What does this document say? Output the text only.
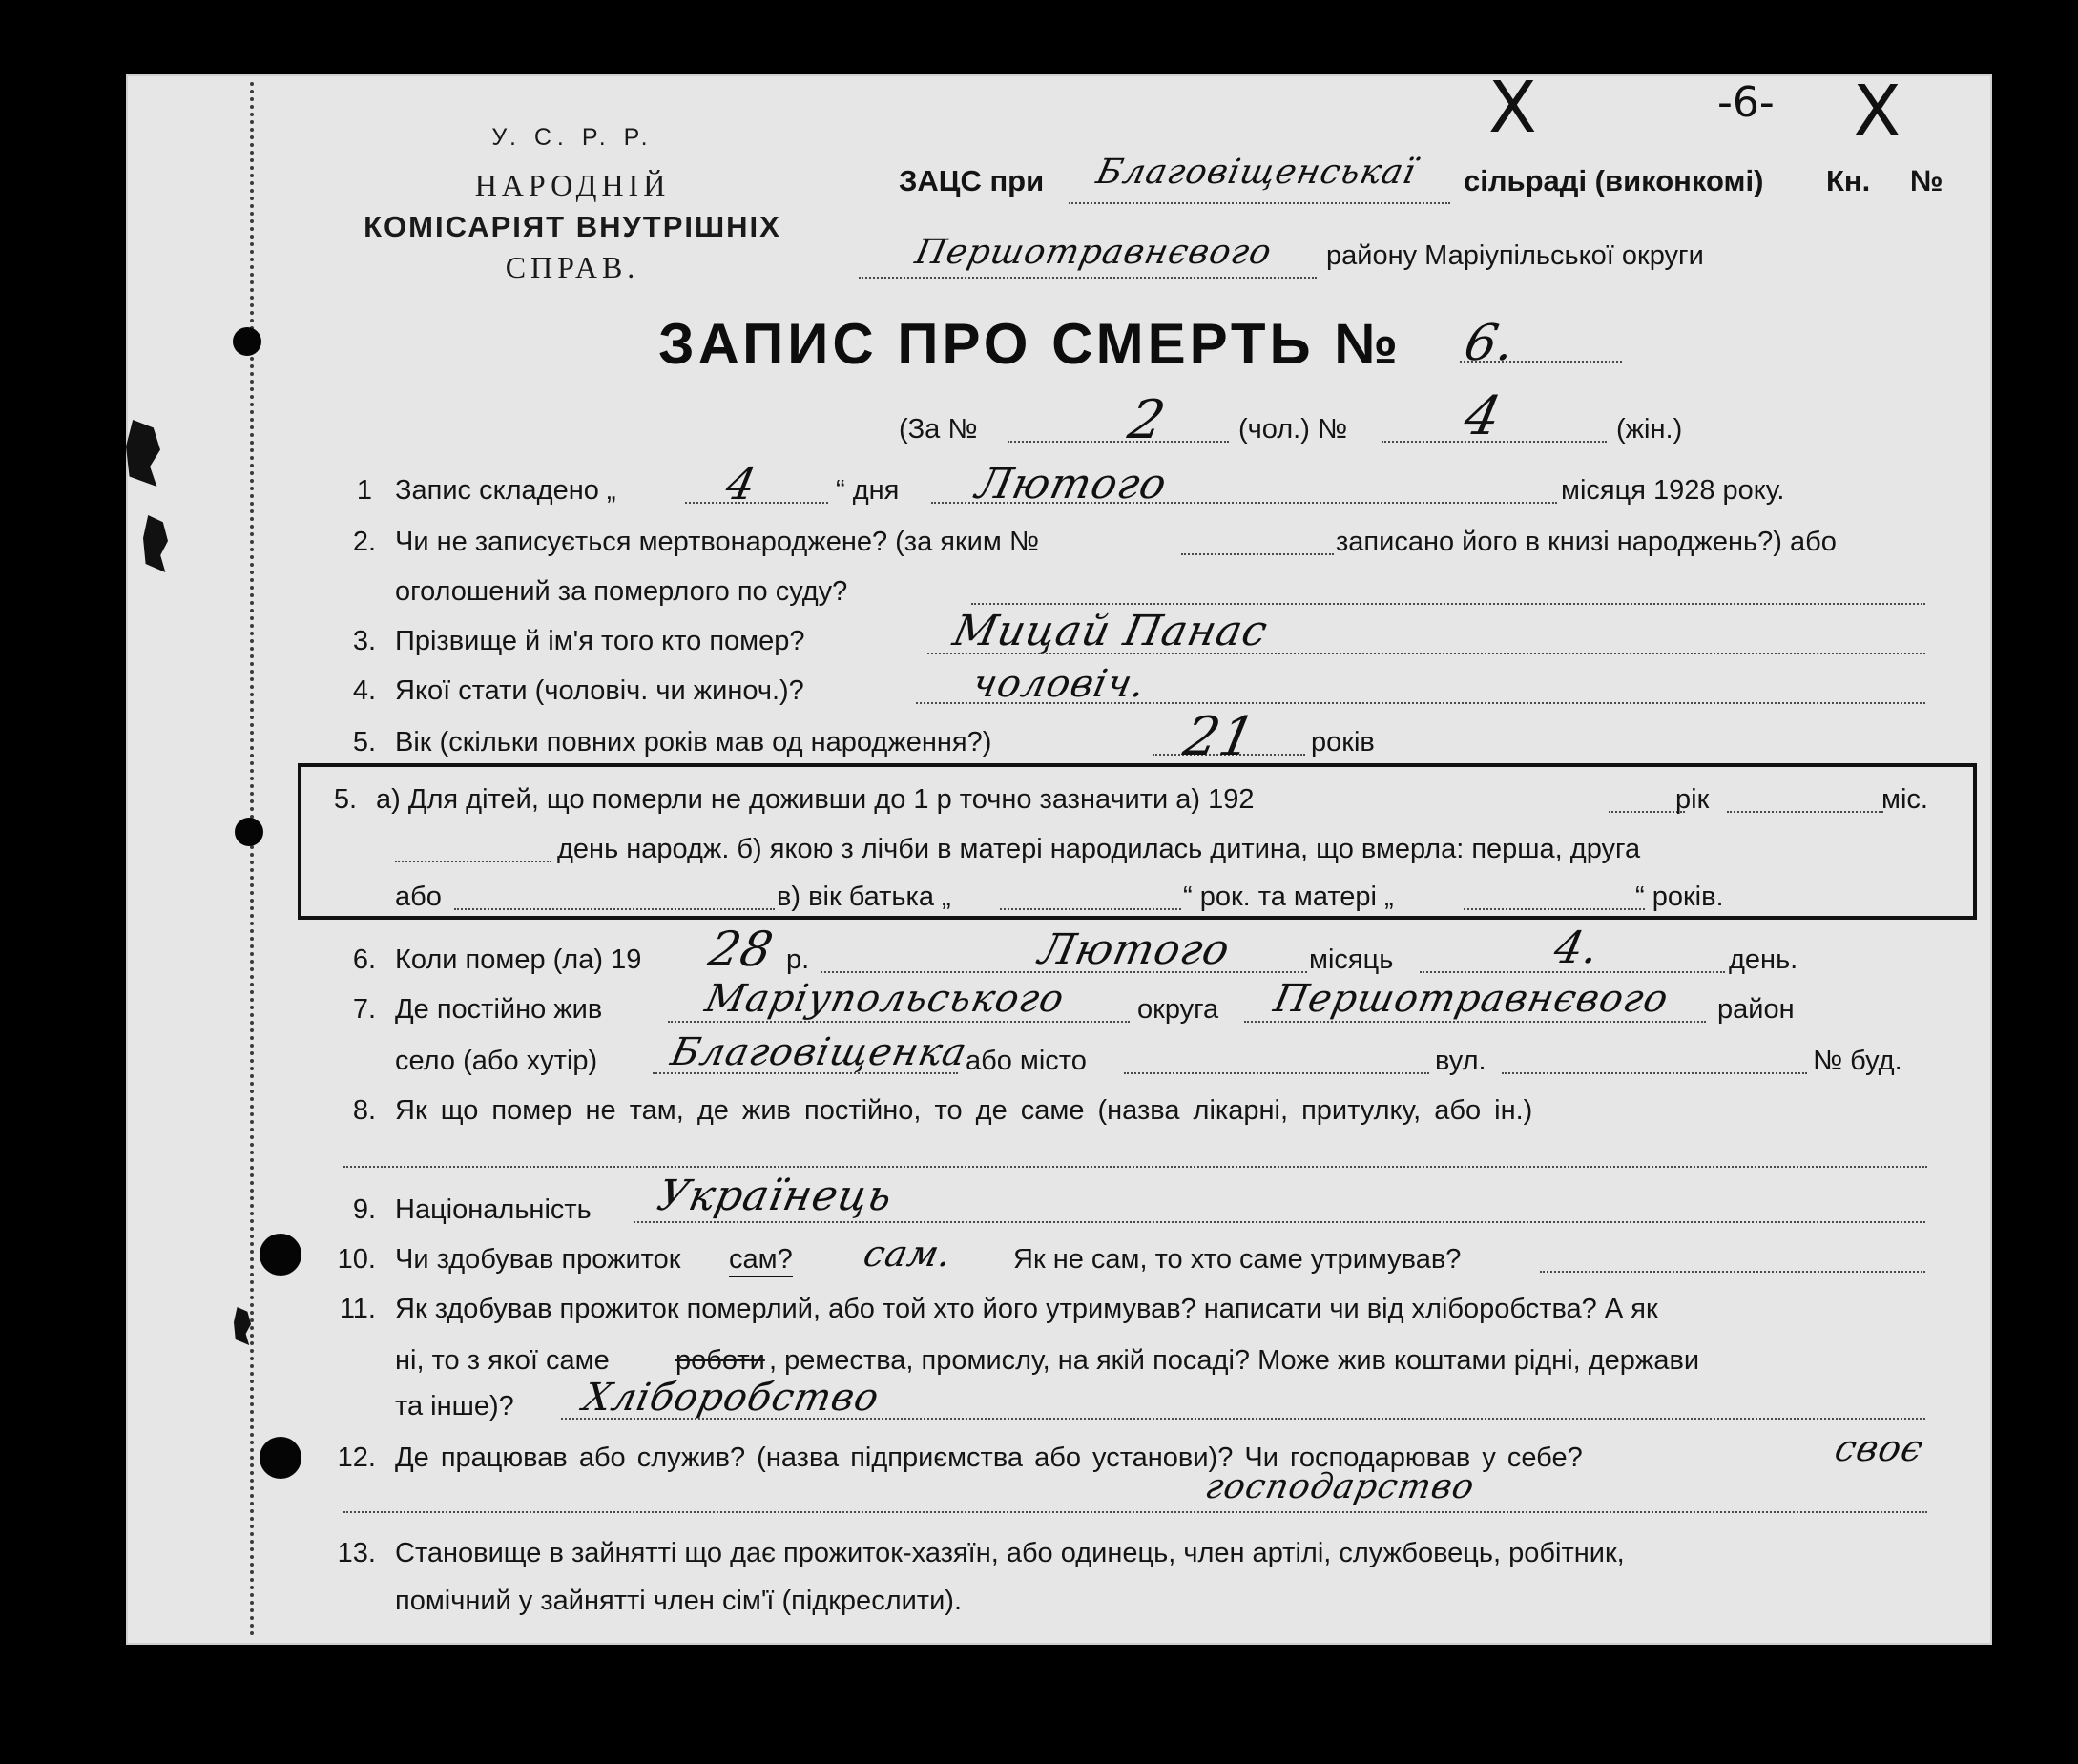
X	-6- X
У. С. Р. Р.
НАРОДНІЙ
КОМІСАРІЯТ ВНУТРІШНІХ
СПРАВ.
ЗАЦС при Благовіщенськаї сільраді (виконкомі) Кн. №
Першотравнєвого району Маріупільської округи
ЗАПИС ПРО СМЕРТЬ № 6.
(За №	2 (чол.) № 4	(жін.)
1 Запис складено „ 4	“ дня Лютого	місяця 1928 року.
2. Чи не записується мертвонароджене? (за яким №	записано його в книзі народжень?) або
оголошений за померлого по суду?
3. Прізвище й ім'я того кто помер?	Мицай Панас
4. Якої стати (чоловіч. чи жиноч.)?	чоловіч.
5. Вік (скільки повних років мав од народження?)	21 років
5. а) Для дітей, що померли не доживши до 1 р точно зазначити а) 192	рік	міс.
день народж. б) якою з лічби в матері народилась дитина, що вмерла: перша, друга
або	в) вік батька „	“ рок. та матері „	“ років.
6. Коли помер (ла) 19 28 р.	Лютого	місяць	4.	день.
7. Де постійно жив	Маріупольського округа Першотравнєвого район
село (або хутір) Благовіщенка
або місто	вул.	№ буд.
8. Як що помер не там, де жив постійно, то де саме (назва лікарні, притулку, або ін.)
9. Національність Українець
10. Чи здобував прожиток сам? сам. Як не сам, то хто саме утримував?
11. Як здобував прожиток померлий, або той хто його утримував? написати чи від хліборобства? А як
ні, то з якої саме роботи , ремества, промислу, на якій посаді? Може жив коштами рідні, держави
та інше)? Хліборобство
12. Де працював або служив? (назва підприємства або установи)? Чи господарював у себе?	своє
господарство
13. Становище в зайнятті що дає прожиток-хазяїн, або одинець, член артілі, службовець, робітник,
помічний у зайнятті член сім'ї (підкреслити).
